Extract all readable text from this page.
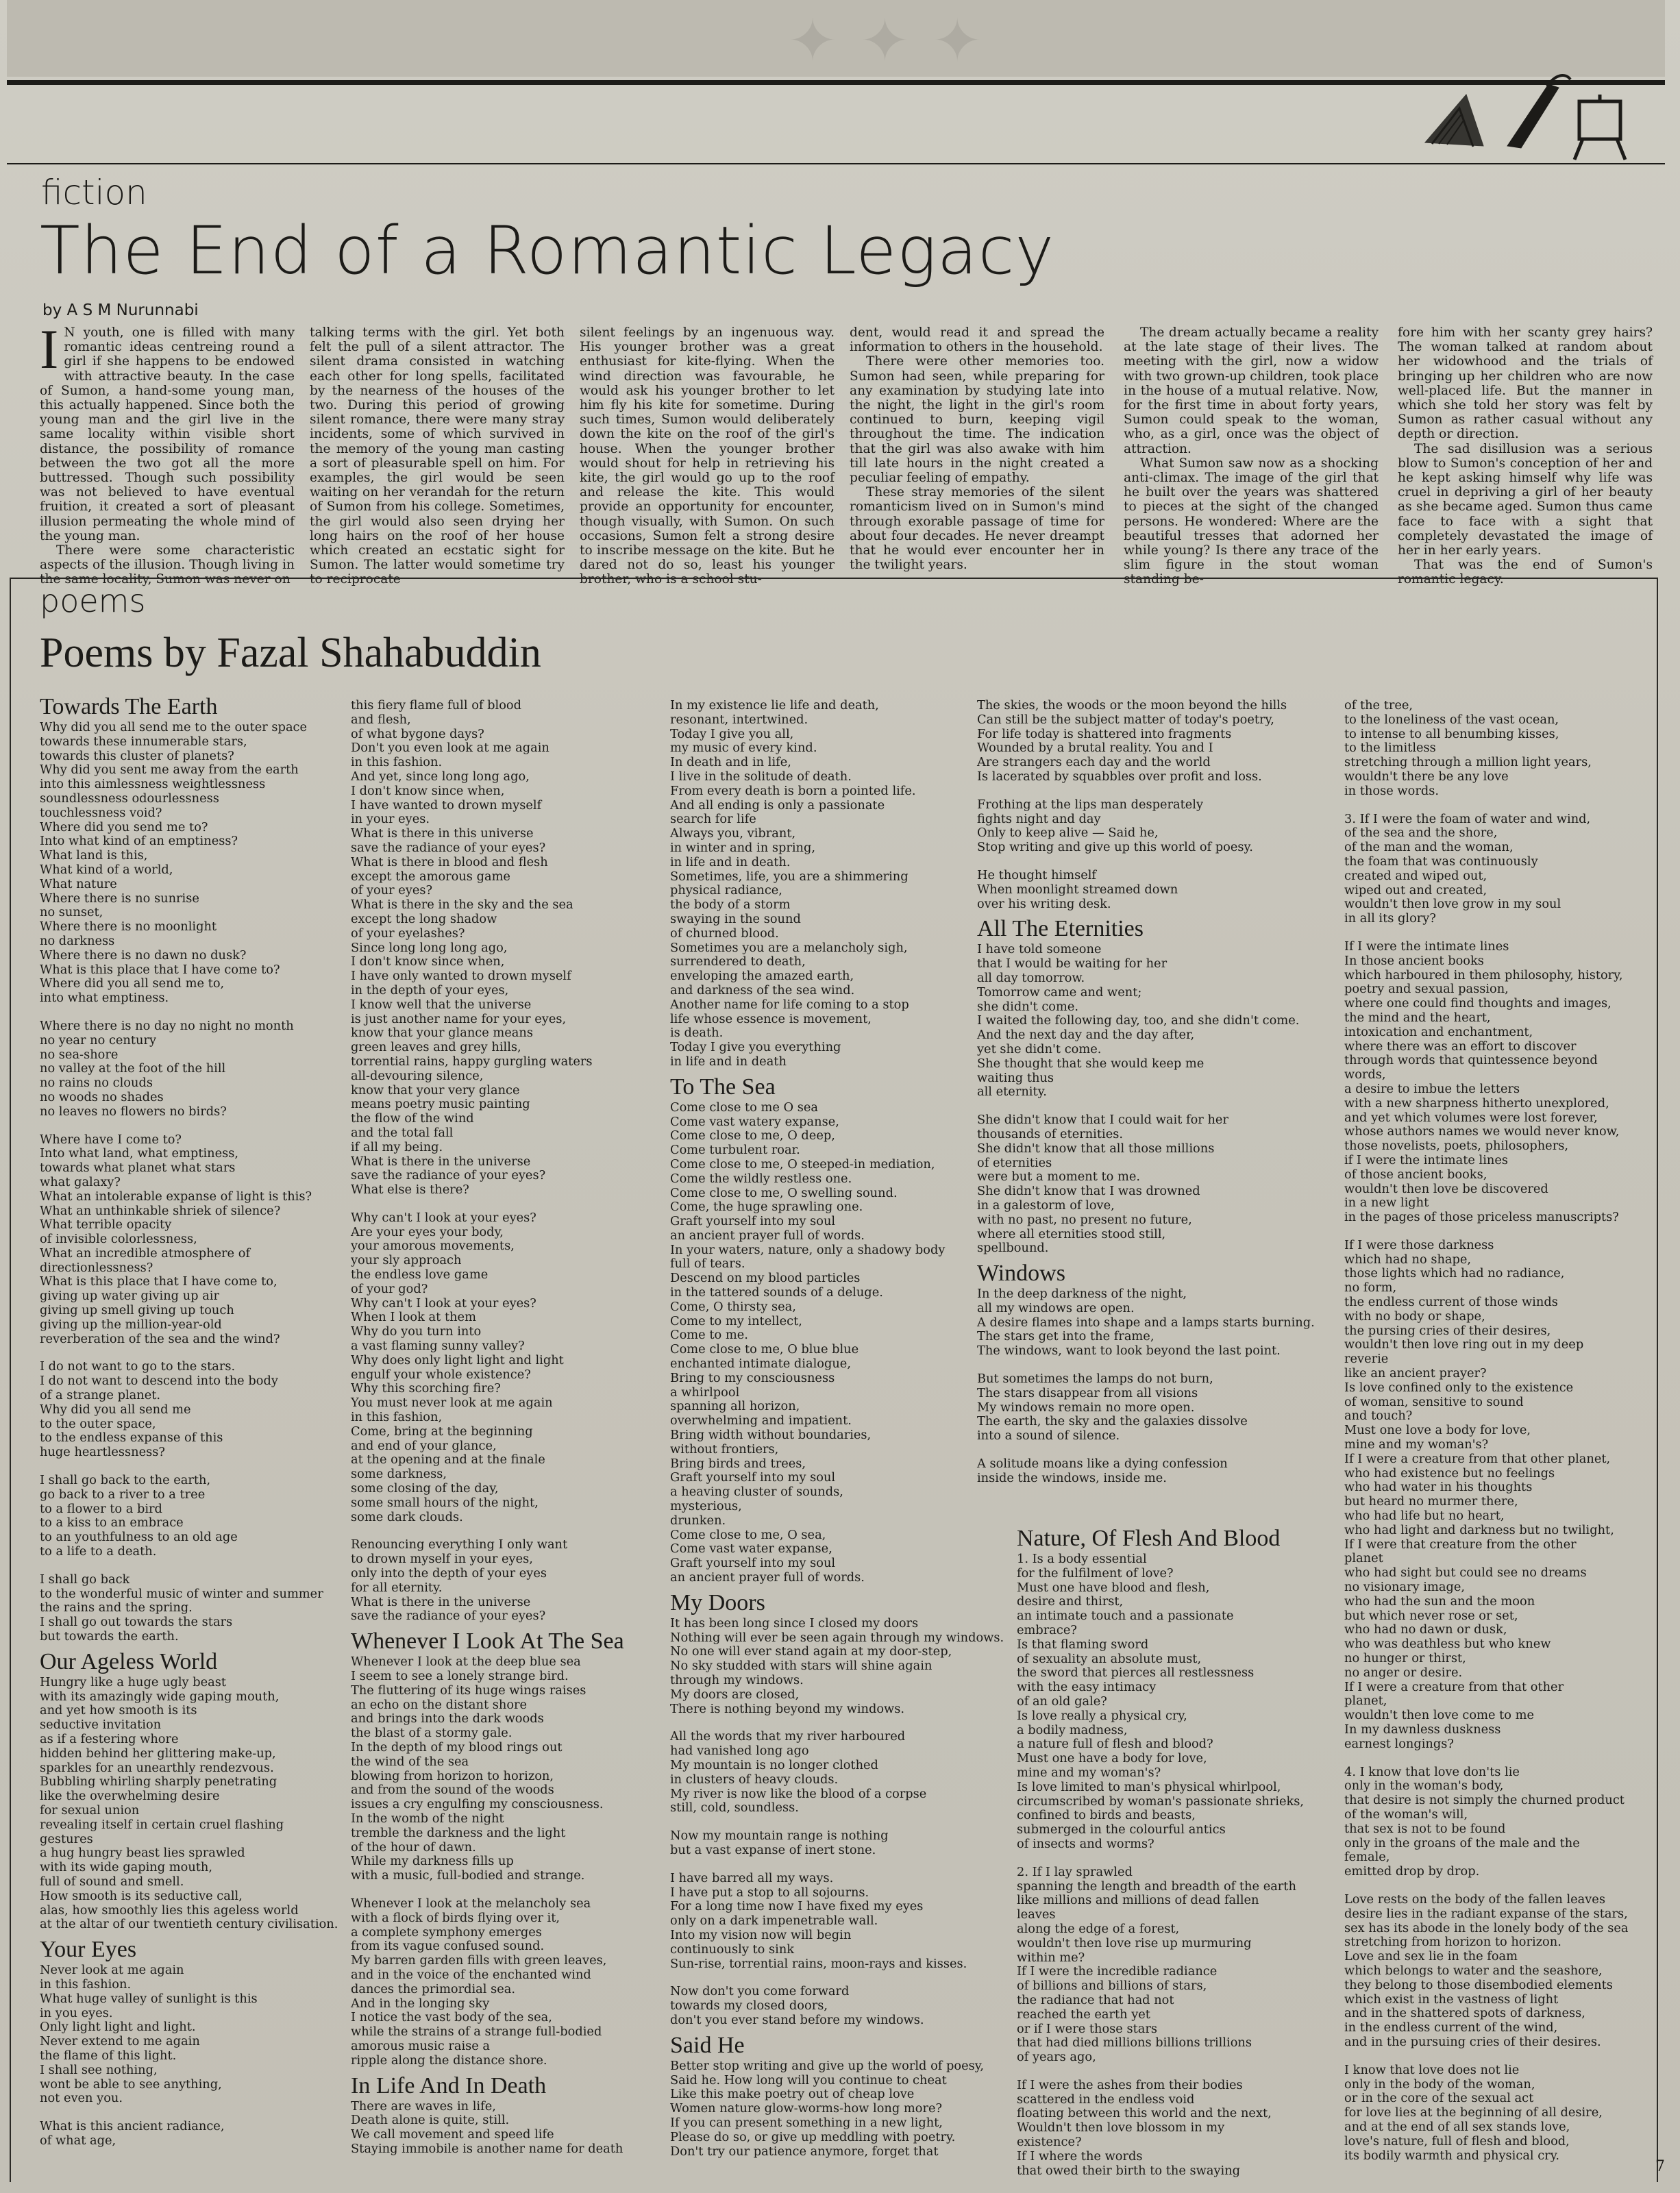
✦ ✦ ✦
fiction
The End of a Romantic Legacy
by A S M Nurunnabi

I N youth, one is filled with many romantic ideas centreing round a girl if she happens to be endowed with attractive beauty. In the case of Sumon, a hand-some young man, this actually happened. Since both the young man and the girl live in the same locality within visible short distance, the possibility of romance between the two got all the more buttressed. Though such possibility was not believed to have eventual fruition, it created a sort of pleasant illusion permeating the whole mind of the young man.

There were some characteristic aspects of the illusion. Though living in the same locality, Sumon was never on

talking terms with the girl. Yet both felt the pull of a silent attractor. The silent drama consisted in watching each other for long spells, facilitated by the nearness of the houses of the two. During this period of growing silent romance, there were many stray incidents, some of which survived in the memory of the young man casting a sort of pleasurable spell on him. For examples, the girl would be seen waiting on her verandah for the return of Sumon from his college. Sometimes, the girl would also seen drying her long hairs on the roof of her house which created an ecstatic sight for Sumon. The latter would sometime try to reciprocate

silent feelings by an ingenuous way. His younger brother was a great enthusiast for kite-flying. When the wind direction was favourable, he would ask his younger brother to let him fly his kite for sometime. During such times, Sumon would deliberately down the kite on the roof of the girl's house. When the younger brother would shout for help in retrieving his kite, the girl would go up to the roof and release the kite. This would provide an opportunity for encounter, though visually, with Sumon. On such occasions, Sumon felt a strong desire to inscribe message on the kite. But he dared not do so, least his younger brother, who is a school stu-

dent, would read it and spread the information to others in the household.

There were other memories too. Sumon had seen, while preparing for any examination by studying late into the night, the light in the girl's room continued to burn, keeping vigil throughout the time. The indication that the girl was also awake with him till late hours in the night created a peculiar feeling of empathy.

These stray memories of the silent romanticism lived on in Sumon's mind through exorable passage of time for about four decades. He never dreampt that he would ever encounter her in the twilight years.

The dream actually became a reality at the late stage of their lives. The meeting with the girl, now a widow with two grown-up children, took place in the house of a mutual relative. Now, for the first time in about forty years, Sumon could speak to the woman, who, as a girl, once was the object of attraction.

What Sumon saw now as a shocking anti-climax. The image of the girl that he built over the years was shattered to pieces at the sight of the changed persons. He wondered: Where are the beautiful tresses that adorned her while young? Is there any trace of the slim figure in the stout woman standing be-

fore him with her scanty grey hairs? The woman talked at random about her widowhood and the trials of bringing up her children who are now well-placed life. But the manner in which she told her story was felt by Sumon as rather casual without any depth or direction.

The sad disillusion was a serious blow to Sumon's conception of her and he kept asking himself why life was cruel in depriving a girl of her beauty as she became aged. Sumon thus came face to face with a sight that completely devastated the image of her in her early years.

That was the end of Sumon's romantic legacy.

poems
Poems by Fazal Shahabuddin
Towards The Earth
Why did you all send me to the outer space
towards these innumerable stars,
towards this cluster of planets?
Why did you sent me away from the earth
into this aimlessness weightlessness
soundlessness odourlessness
touchlessness void?
Where did you send me to?
Into what kind of an emptiness?
What land is this,
What kind of a world,
What nature
Where there is no sunrise
no sunset,
Where there is no moonlight
no darkness
Where there is no dawn no dusk?
What is this place that I have come to?
Where did you all send me to,
into what emptiness.
Where there is no day no night no month
no year no century
no sea-shore
no valley at the foot of the hill
no rains no clouds
no woods no shades
no leaves no flowers no birds?
Where have I come to?
Into what land, what emptiness,
towards what planet what stars
what galaxy?
What an intolerable expanse of light is this?
What an unthinkable shriek of silence?
What terrible opacity
of invisible colorlessness,
What an incredible atmosphere of
directionlessness?
What is this place that I have come to,
giving up water giving up air
giving up smell giving up touch
giving up the million-year-old
reverberation of the sea and the wind?
I do not want to go to the stars.
I do not want to descend into the body
of a strange planet.
Why did you all send me
to the outer space,
to the endless expanse of this
huge heartlessness?
I shall go back to the earth,
go back to a river to a tree
to a flower to a bird
to a kiss to an embrace
to an youthfulness to an old age
to a life to a death.
I shall go back
to the wonderful music of winter and summer
the rains and the spring.
I shall go out towards the stars
but towards the earth.
Our Ageless World
Hungry like a huge ugly beast
with its amazingly wide gaping mouth,
and yet how smooth is its
seductive invitation
as if a festering whore
hidden behind her glittering make-up,
sparkles for an unearthly rendezvous.
Bubbling whirling sharply penetrating
like the overwhelming desire
for sexual union
revealing itself in certain cruel flashing
gestures
a hug hungry beast lies sprawled
with its wide gaping mouth,
full of sound and smell.
How smooth is its seductive call,
alas, how smoothly lies this ageless world
at the altar of our twentieth century civilisation.
Your Eyes
Never look at me again
in this fashion.
What huge valley of sunlight is this
in you eyes.
Only light light and light.
Never extend to me again
the flame of this light.
I shall see nothing,
wont be able to see anything,
not even you.
What is this ancient radiance,
of what age,
this fiery flame full of blood
and flesh,
of what bygone days?
Don't you even look at me again
in this fashion.
And yet, since long long ago,
I don't know since when,
I have wanted to drown myself
in your eyes.
What is there in this universe
save the radiance of your eyes?
What is there in blood and flesh
except the amorous game
of your eyes?
What is there in the sky and the sea
except the long shadow
of your eyelashes?
Since long long long ago,
I don't know since when,
I have only wanted to drown myself
in the depth of your eyes,
I know well that the universe
is just another name for your eyes,
know that your glance means
green leaves and grey hills,
torrential rains, happy gurgling waters
all-devouring silence,
know that your very glance
means poetry music painting
the flow of the wind
and the total fall
if all my being.
What is there in the universe
save the radiance of your eyes?
What else is there?
Why can't I look at your eyes?
Are your eyes your body,
your amorous movements,
your sly approach
the endless love game
of your god?
Why can't I look at your eyes?
When I look at them
Why do you turn into
a vast flaming sunny valley?
Why does only light light and light
engulf your whole existence?
Why this scorching fire?
You must never look at me again
in this fashion,
Come, bring at the beginning
and end of your glance,
at the opening and at the finale
some darkness,
some closing of the day,
some small hours of the night,
some dark clouds.
Renouncing everything I only want
to drown myself in your eyes,
only into the depth of your eyes
for all eternity.
What is there in the universe
save the radiance of your eyes?
Whenever I Look At The Sea
Whenever I look at the deep blue sea
I seem to see a lonely strange bird.
The fluttering of its huge wings raises
an echo on the distant shore
and brings into the dark woods
the blast of a stormy gale.
In the depth of my blood rings out
the wind of the sea
blowing from horizon to horizon,
and from the sound of the woods
issues a cry engulfing my consciousness.
In the womb of the night
tremble the darkness and the light
of the hour of dawn.
While my darkness fills up
with a music, full-bodied and strange.
Whenever I look at the melancholy sea
with a flock of birds flying over it,
a complete symphony emerges
from its vague confused sound.
My barren garden fills with green leaves,
and in the voice of the enchanted wind
dances the primordial sea.
And in the longing sky
I notice the vast body of the sea,
while the strains of a strange full-bodied
amorous music raise a
ripple along the distance shore.
In Life And In Death
There are waves in life,
Death alone is quite, still.
We call movement and speed life
Staying immobile is another name for death
In my existence lie life and death,
resonant, intertwined.
Today I give you all,
my music of every kind.
In death and in life,
I live in the solitude of death.
From every death is born a pointed life.
And all ending is only a passionate
search for life
Always you, vibrant,
in winter and in spring,
in life and in death.
Sometimes, life, you are a shimmering
physical radiance,
the body of a storm
swaying in the sound
of churned blood.
Sometimes you are a melancholy sigh,
surrendered to death,
enveloping the amazed earth,
and darkness of the sea wind.
Another name for life coming to a stop
life whose essence is movement,
is death.
Today I give you everything
in life and in death
To The Sea
Come close to me O sea
Come vast watery expanse,
Come close to me, O deep,
Come turbulent roar.
Come close to me, O steeped-in mediation,
Come the wildly restless one.
Come close to me, O swelling sound.
Come, the huge sprawling one.
Graft yourself into my soul
an ancient prayer full of words.
In your waters, nature, only a shadowy body
full of tears.
Descend on my blood particles
in the tattered sounds of a deluge.
Come, O thirsty sea,
Come to my intellect,
Come to me.
Come close to me, O blue blue
enchanted intimate dialogue,
Bring to my consciousness
a whirlpool
spanning all horizon,
overwhelming and impatient.
Bring width without boundaries,
without frontiers,
Bring birds and trees,
Graft yourself into my soul
a heaving cluster of sounds,
mysterious,
drunken.
Come close to me, O sea,
Come vast water expanse,
Graft yourself into my soul
an ancient prayer full of words.
My Doors
It has been long since I closed my doors
Nothing will ever be seen again through my windows.
No one will ever stand again at my door-step,
No sky studded with stars will shine again
through my windows.
My doors are closed,
There is nothing beyond my windows.
All the words that my river harboured
had vanished long ago
My mountain is no longer clothed
in clusters of heavy clouds.
My river is now like the blood of a corpse
still, cold, soundless.
Now my mountain range is nothing
but a vast expanse of inert stone.
I have barred all my ways.
I have put a stop to all sojourns.
For a long time now I have fixed my eyes
only on a dark impenetrable wall.
Into my vision now will begin
continuously to sink
Sun-rise, torrential rains, moon-rays and kisses.
Now don't you come forward
towards my closed doors,
don't you ever stand before my windows.
Said He
Better stop writing and give up the world of poesy,
Said he. How long will you continue to cheat
Like this make poetry out of cheap love
Women nature glow-worms-how long more?
If you can present something in a new light,
Please do so, or give up meddling with poetry.
Don't try our patience anymore, forget that
The skies, the woods or the moon beyond the hills
Can still be the subject matter of today's poetry,
For life today is shattered into fragments
Wounded by a brutal reality. You and I
Are strangers each day and the world
Is lacerated by squabbles over profit and loss.
Frothing at the lips man desperately
fights night and day
Only to keep alive — Said he,
Stop writing and give up this world of poesy.
He thought himself
When moonlight streamed down
over his writing desk.
All The Eternities
I have told someone
that I would be waiting for her
all day tomorrow.
Tomorrow came and went;
she didn't come.
I waited the following day, too, and she didn't come.
And the next day and the day after,
yet she didn't come.
She thought that she would keep me
waiting thus
all eternity.
She didn't know that I could wait for her
thousands of eternities.
She didn't know that all those millions
of eternities
were but a moment to me.
She didn't know that I was drowned
in a galestorm of love,
with no past, no present no future,
where all eternities stood still,
spellbound.
Windows
In the deep darkness of the night,
all my windows are open.
A desire flames into shape and a lamps starts burning.
The stars get into the frame,
The windows, want to look beyond the last point.
But sometimes the lamps do not burn,
The stars disappear from all visions
My windows remain no more open.
The earth, the sky and the galaxies dissolve
into a sound of silence.
A solitude moans like a dying confession
inside the windows, inside me.
Nature, Of Flesh And Blood
1. Is a body essential
for the fulfilment of love?
Must one have blood and flesh,
desire and thirst,
an intimate touch and a passionate
embrace?
Is that flaming sword
of sexuality an absolute must,
the sword that pierces all restlessness
with the easy intimacy
of an old gale?
Is love really a physical cry,
a bodily madness,
a nature full of flesh and blood?
Must one have a body for love,
mine and my woman's?
Is love limited to man's physical whirlpool,
circumscribed by woman's passionate shrieks,
confined to birds and beasts,
submerged in the colourful antics
of insects and worms?
2. If I lay sprawled
spanning the length and breadth of the earth
like millions and millions of dead fallen
leaves
along the edge of a forest,
wouldn't then love rise up murmuring
within me?
If I were the incredible radiance
of billions and billions of stars,
the radiance that had not
reached the earth yet
or if I were those stars
that had died millions billions trillions
of years ago,
If I were the ashes from their bodies
scattered in the endless void
floating between this world and the next,
Wouldn't then love blossom in my
existence?
If I where the words
that owed their birth to the swaying
of the tree,
to the loneliness of the vast ocean,
to intense to all benumbing kisses,
to the limitless
stretching through a million light years,
wouldn't there be any love
in those words.
3. If I were the foam of water and wind,
of the sea and the shore,
of the man and the woman,
the foam that was continuously
created and wiped out,
wiped out and created,
wouldn't then love grow in my soul
in all its glory?
If I were the intimate lines
In those ancient books
which harboured in them philosophy, history,
poetry and sexual passion,
where one could find thoughts and images,
the mind and the heart,
intoxication and enchantment,
where there was an effort to discover
through words that quintessence beyond
words,
a desire to imbue the letters
with a new sharpness hitherto unexplored,
and yet which volumes were lost forever,
whose authors names we would never know,
those novelists, poets, philosophers,
if I were the intimate lines
of those ancient books,
wouldn't then love be discovered
in a new light
in the pages of those priceless manuscripts?
If I were those darkness
which had no shape,
those lights which had no radiance,
no form,
the endless current of those winds
with no body or shape,
the pursing cries of their desires,
wouldn't then love ring out in my deep
reverie
like an ancient prayer?
Is love confined only to the existence
of woman, sensitive to sound
and touch?
Must one love a body for love,
mine and my woman's?
If I were a creature from that other planet,
who had existence but no feelings
who had water in his thoughts
but heard no murmer there,
who had life but no heart,
who had light and darkness but no twilight,
If I were that creature from the other
planet
who had sight but could see no dreams
no visionary image,
who had the sun and the moon
but which never rose or set,
who had no dawn or dusk,
who was deathless but who knew
no hunger or thirst,
no anger or desire.
If I were a creature from that other
planet,
wouldn't then love come to me
In my dawnless duskness
earnest longings?
4. I know that love don'ts lie
only in the woman's body,
that desire is not simply the churned product
of the woman's will,
that sex is not to be found
only in the groans of the male and the
female,
emitted drop by drop.
Love rests on the body of the fallen leaves
desire lies in the radiant expanse of the stars,
sex has its abode in the lonely body of the sea
stretching from horizon to horizon.
Love and sex lie in the foam
which belongs to water and the seashore,
they belong to those disembodied elements
which exist in the vastness of light
and in the shattered spots of darkness,
in the endless current of the wind,
and in the pursuing cries of their desires.
I know that love does not lie
only in the body of the woman,
or in the core of the sexual act
for love lies at the beginning of all desire,
and at the end of all sex stands love,
love's nature, full of flesh and blood,
its bodily warmth and physical cry.
7
